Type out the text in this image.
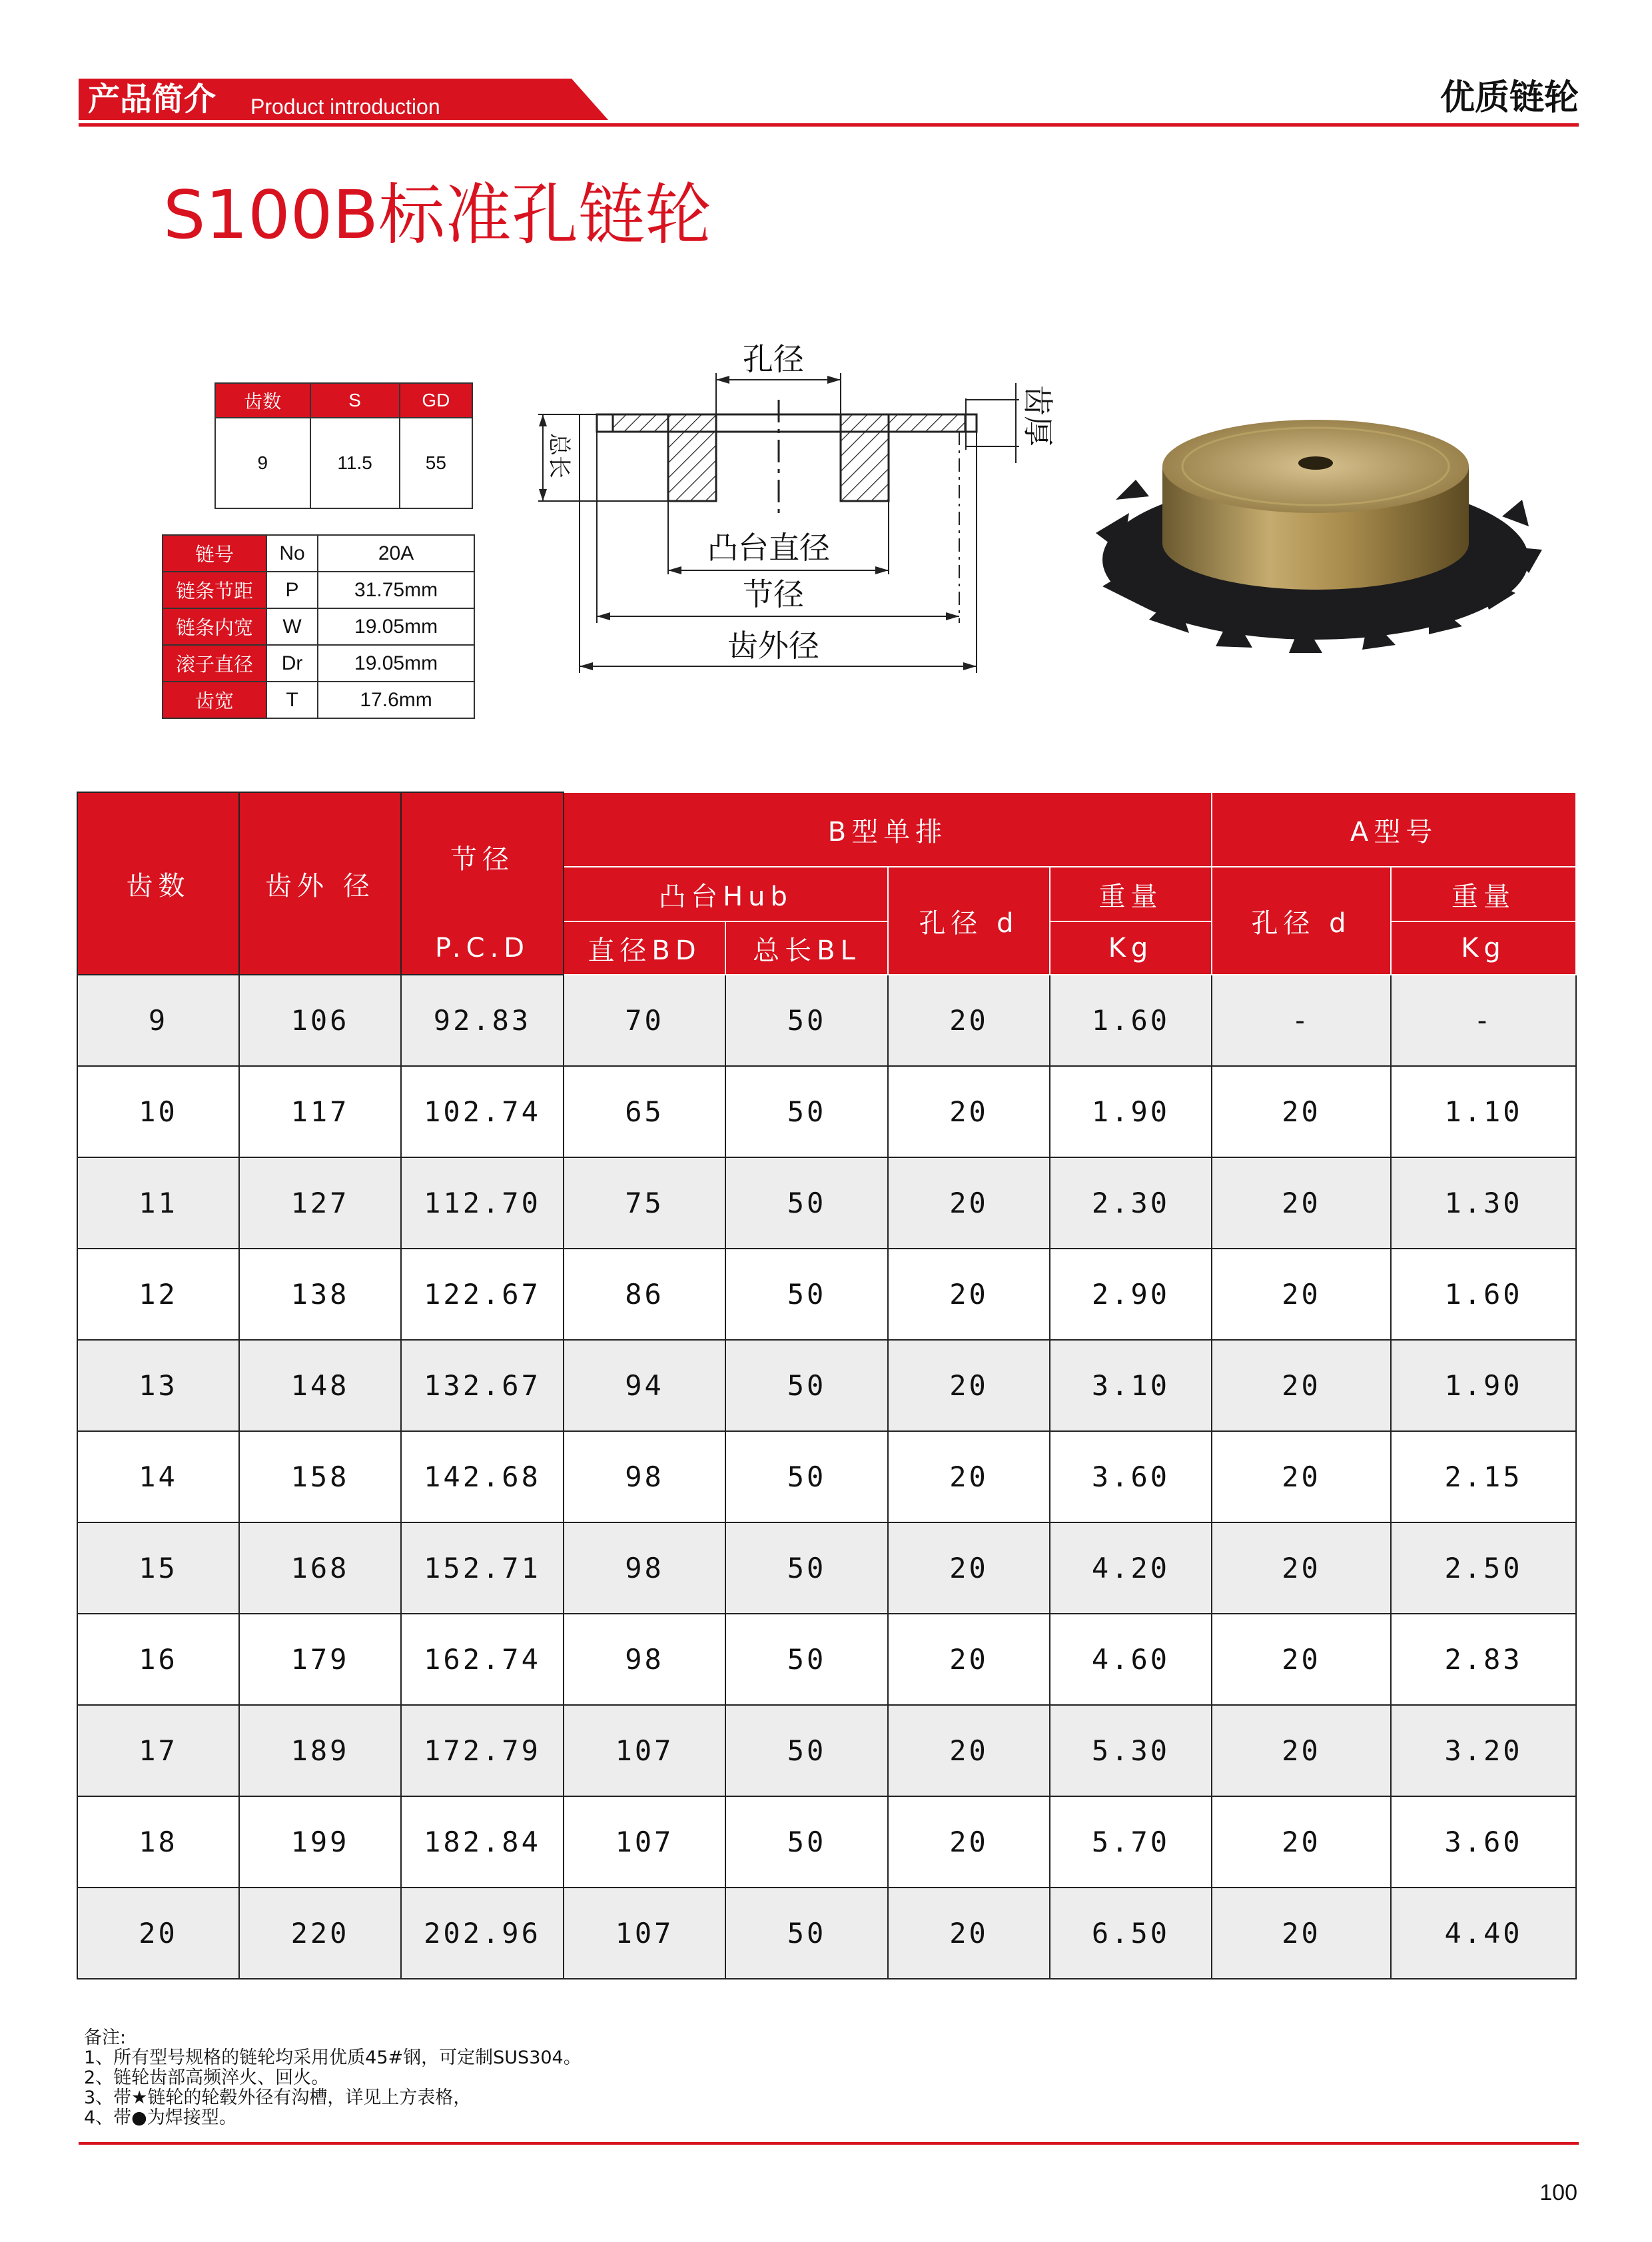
产品简介 Product introduction	优质链轮
S100B标准孔链轮
齿数	S	GD
9	11.5	55
链号	No	20A
链条节距	P	31.75mm
链条内宽	W	19.05mm
滚子直径	Dr	19.05mm
齿宽	T	17.6mm
孔径
齿厚
总长
凸台直径
节径
齿外径
齿数	齿外 径	节径	B型单排				A型号	
			凸台Hub		孔径 d	重量	孔径 d	重量
		P.C.D	直径BD	总长BL		Kg		Kg
9	106	92.83	70	50	20	1.60	-	-
10	117	102.74	65	50	20	1.90	20	1.10
11	127	112.70	75	50	20	2.30	20	1.30
12	138	122.67	86	50	20	2.90	20	1.60
13	148	132.67	94	50	20	3.10	20	1.90
14	158	142.68	98	50	20	3.60	20	2.15
15	168	152.71	98	50	20	4.20	20	2.50
16	179	162.74	98	50	20	4.60	20	2.83
17	189	172.79	107	50	20	5.30	20	3.20
18	199	182.84	107	50	20	5.70	20	3.60
20	220	202.96	107	50	20	6.50	20	4.40
备注:
1、所有型号规格的链轮均采用优质45#钢，可定制SUS304。
2、链轮齿部高频淬火、回火。
3、带★链轮的轮毂外径有沟槽，详见上方表格，
4、带●为焊接型。
100
